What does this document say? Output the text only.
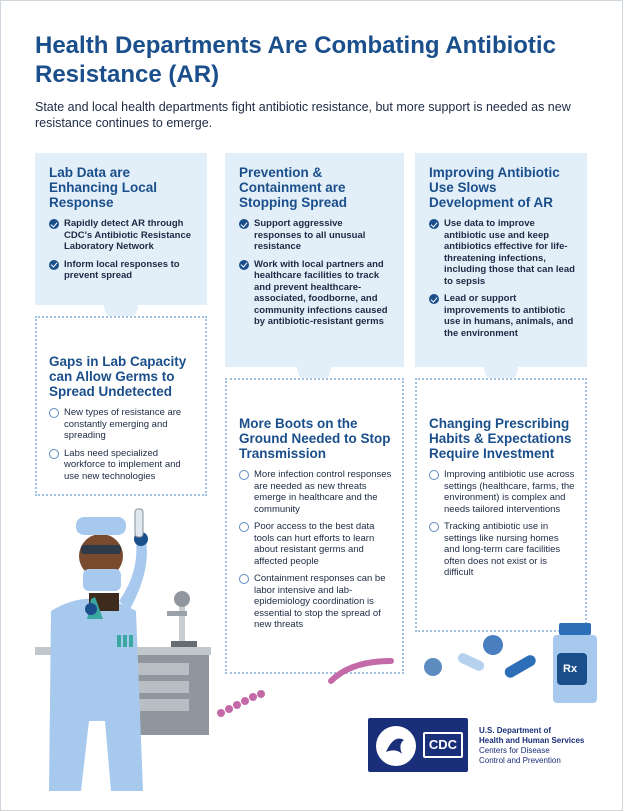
Health Departments Are Combating Antibiotic Resistance (AR)

State and local health departments fight antibiotic resistance, but more support is needed as new resistance continues to emerge.

Lab Data are Enhancing Local Response
Rapidly detect AR through CDC's Antibiotic Resistance Laboratory Network
Inform local responses to prevent spread
Gaps in Lab Capacity can Allow Germs to Spread Undetected
New types of resistance are constantly emerging and spreading
Labs need specialized workforce to implement and use new technologies
Prevention & Containment are Stopping Spread
Support aggressive responses to all unusual resistance
Work with local partners and healthcare facilities to track and prevent healthcare-associated, foodborne, and community infections caused by antibiotic-resistant germs
More Boots on the Ground Needed to Stop Transmission
More infection control responses are needed as new threats emerge in healthcare and the community
Poor access to the best data tools can hurt efforts to learn about resistant germs and affected people
Containment responses can be labor intensive and lab-epidemiology coordination is essential to stop the spread of new threats
Improving Antibiotic Use Slows Development of AR
Use data to improve antibiotic use and keep antibiotics effective for life-threatening infections, including those that can lead to sepsis
Lead or support improvements to antibiotic use in humans, animals, and the environment
Changing Prescribing Habits & Expectations Require Investment
Improving antibiotic use across settings (healthcare, farms, the environment) is complex and needs tailored interventions
Tracking antibiotic use in settings like nursing homes and long-term care facilities often does not exist or is difficult
Rx
CDC
U.S. Department of
Health and Human Services
Centers for Disease
Control and Prevention
